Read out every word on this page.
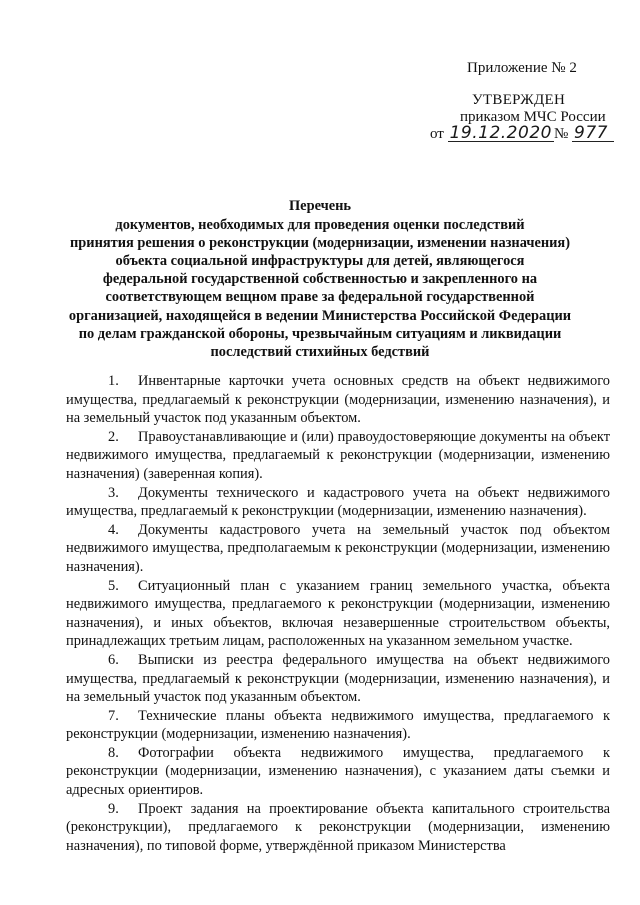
Приложение № 2
УТВЕРЖДЕН
приказом МЧС России
от 19.12.2020 № 977
Перечень
документов, необходимых для проведения оценки последствий
принятия решения о реконструкции (модернизации, изменении назначения)
объекта социальной инфраструктуры для детей, являющегося
федеральной государственной собственностью и закрепленного на
соответствующем вещном праве за федеральной государственной
организацией, находящейся в ведении Министерства Российской Федерации
по делам гражданской обороны, чрезвычайным ситуациям и ликвидации
последствий стихийных бедствий

1. Инвентарные карточки учета основных средств на объект недвижимого имущества, предлагаемый к реконструкции (модернизации, изменению назначения), и на земельный участок под указанным объектом.

2. Правоустанавливающие и (или) правоудостоверяющие документы на объект недвижимого имущества, предлагаемый к реконструкции (модернизации, изменению назначения) (заверенная копия).

3. Документы технического и кадастрового учета на объект недвижимого имущества, предлагаемый к реконструкции (модернизации, изменению назначения).

4. Документы кадастрового учета на земельный участок под объектом недвижимого имущества, предполагаемым к реконструкции (модернизации, изменению назначения).

5. Ситуационный план с указанием границ земельного участка, объекта недвижимого имущества, предлагаемого к реконструкции (модернизации, изменению назначения), и иных объектов, включая незавершенные строительством объекты, принадлежащих третьим лицам, расположенных на указанном земельном участке.

6. Выписки из реестра федерального имущества на объект недвижимого имущества, предлагаемый к реконструкции (модернизации, изменению назначения), и на земельный участок под указанным объектом.

7. Технические планы объекта недвижимого имущества, предлагаемого к реконструкции (модернизации, изменению назначения).

8. Фотографии объекта недвижимого имущества, предлагаемого к реконструкции (модернизации, изменению назначения), с указанием даты съемки и адресных ориентиров.

9. Проект задания на проектирование объекта капитального строительства (реконструкции), предлагаемого к реконструкции (модернизации, изменению назначения), по типовой форме, утверждённой приказом Министерства
